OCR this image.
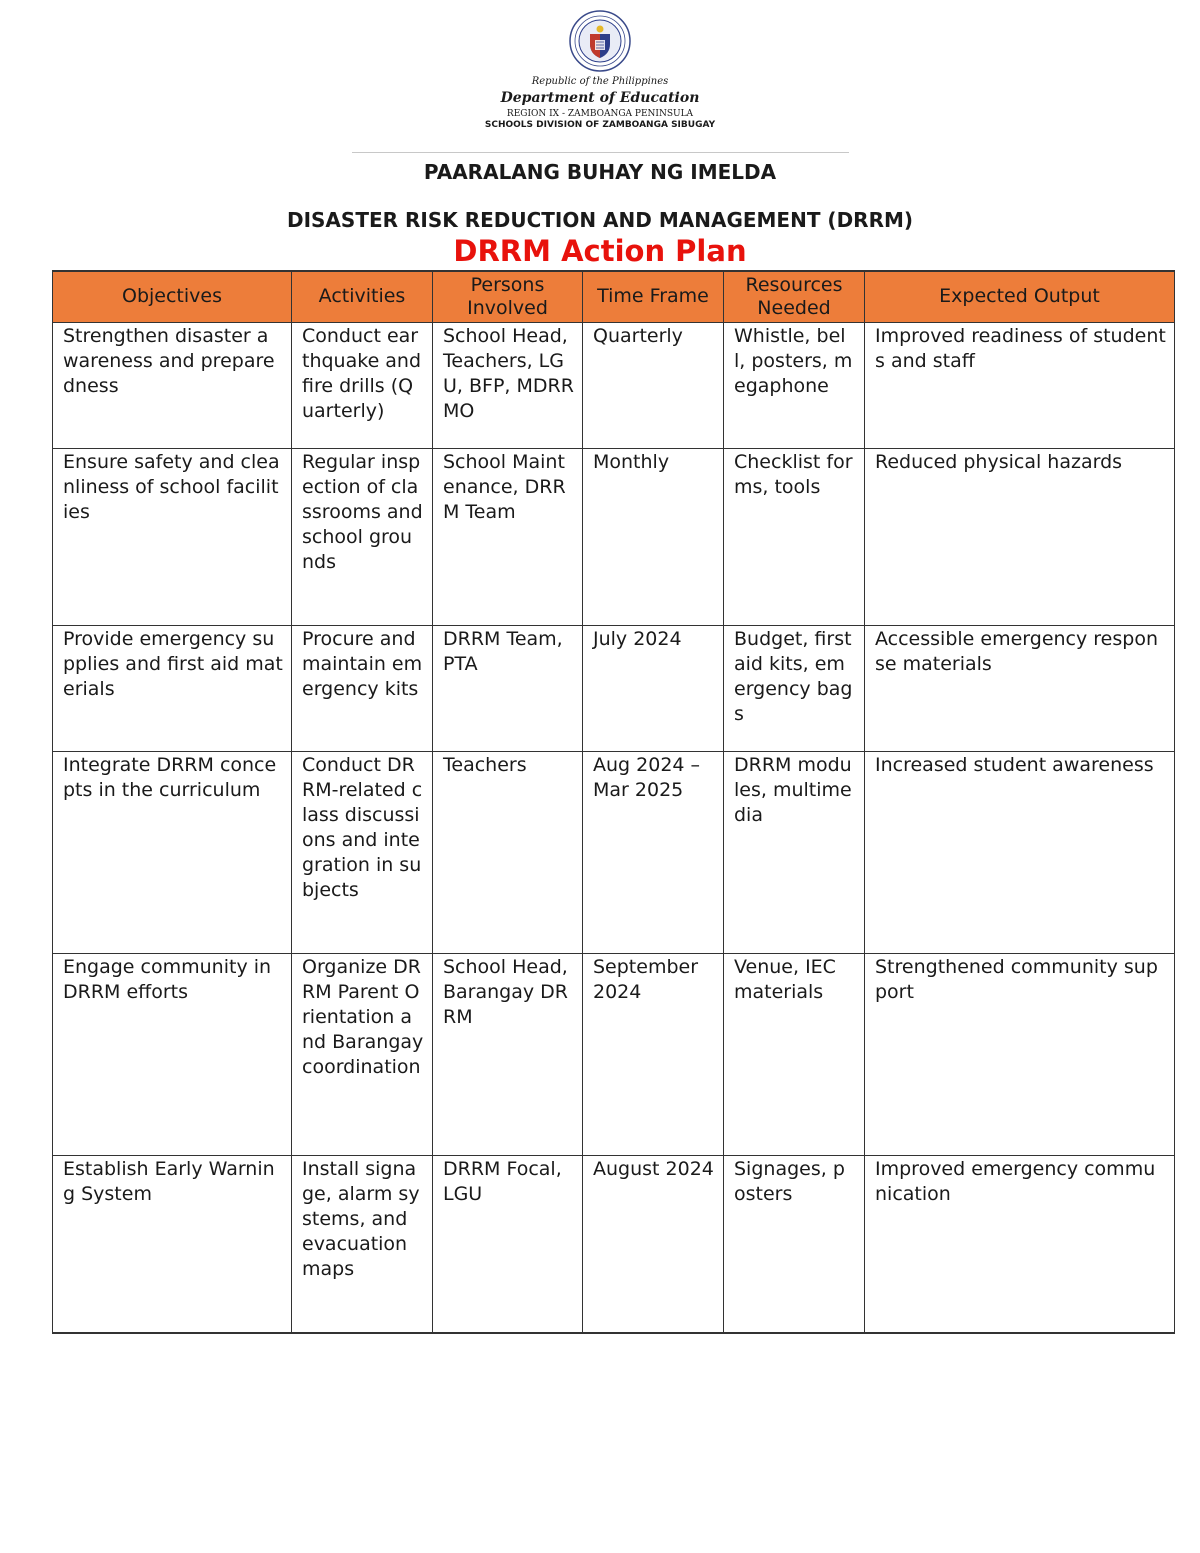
Republic of the Philippines

Department of Education

REGION IX - ZAMBOANGA PENINSULA

SCHOOLS DIVISION OF ZAMBOANGA SIBUGAY

PAARALANG BUHAY NG IMELDA
DISASTER RISK REDUCTION AND MANAGEMENT (DRRM)
DRRM Action Plan
Objectives	Activities	Persons Involved	Time Frame	Resources Needed	Expected Output
Strengthen disaster awareness and preparedness	Conduct earthquake and fire drills (Quarterly)	School Head, Teachers, LGU, BFP, MDRRMO	Quarterly	Whistle, bell, posters, megaphone	Improved readiness of students and staff
Ensure safety and cleanliness of school facilities	Regular inspection of classrooms and school grounds	School Maintenance, DRRM Team	Monthly	Checklist forms, tools	Reduced physical hazards
Provide emergency supplies and first aid materials	Procure and maintain emergency kits	DRRM Team, PTA	July 2024	Budget, first aid kits, emergency bags	Accessible emergency response materials
Integrate DRRM concepts in the curriculum	Conduct DRRM-related class discussions and integration in subjects	Teachers	Aug 2024 – Mar 2025	DRRM modules, multimedia	Increased student awareness
Engage community in DRRM efforts	Organize DRRM Parent Orientation and Barangay coordination	School Head, Barangay DRRM	September 2024	Venue, IEC materials	Strengthened community support
Establish Early Warning System	Install signage, alarm systems, and evacuation maps	DRRM Focal, LGU	August 2024	Signages, posters	Improved emergency communication
